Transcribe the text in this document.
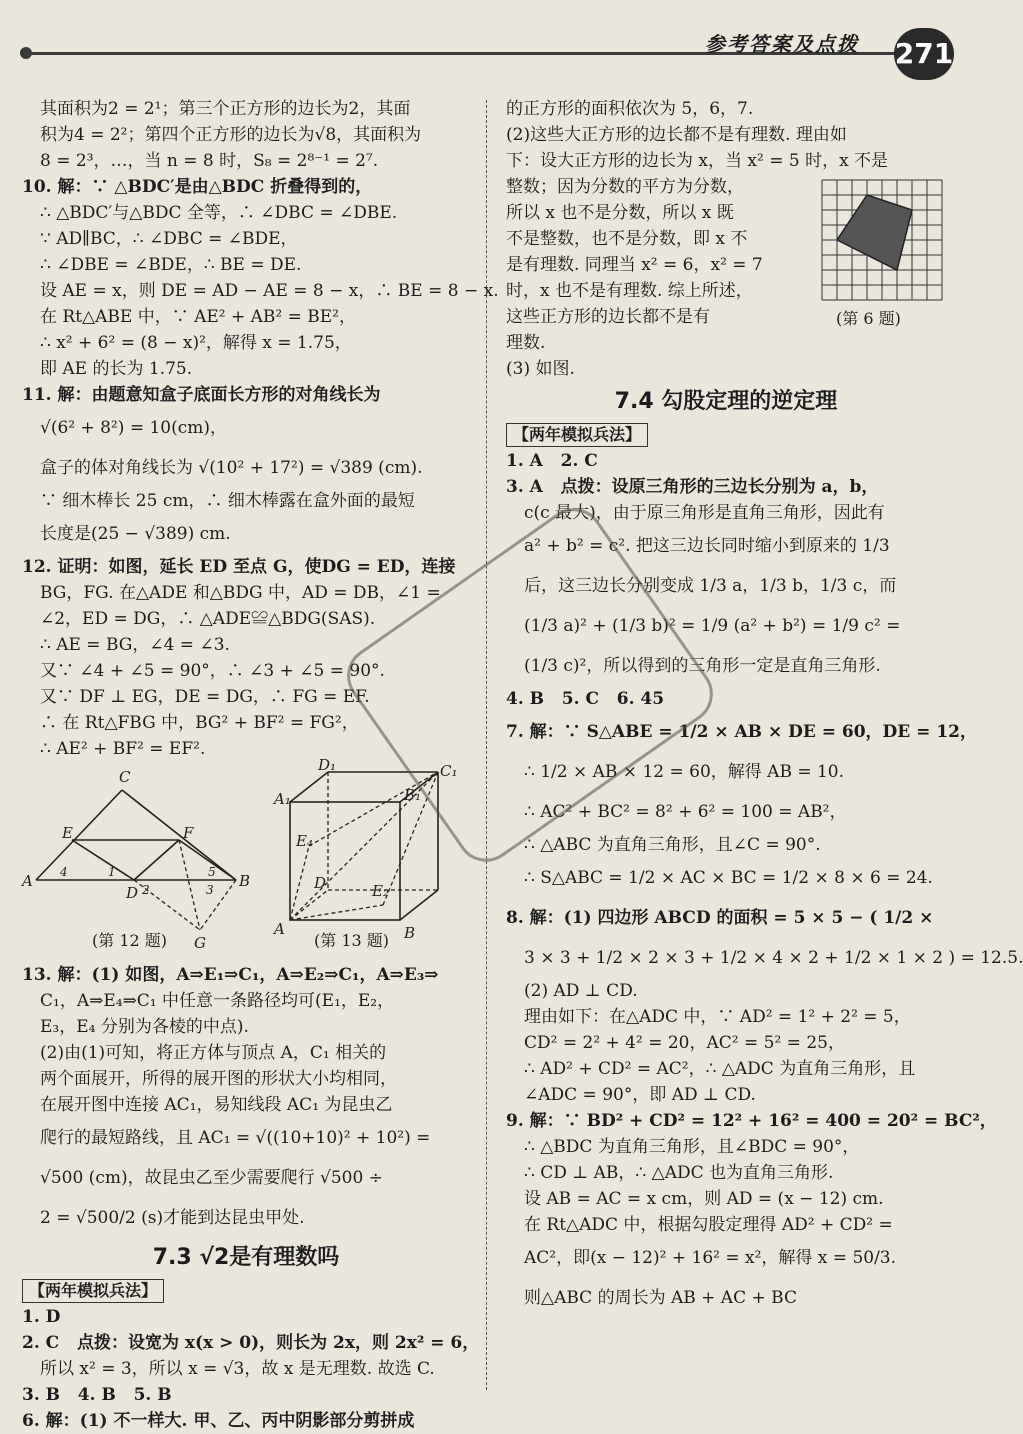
参考答案及点拨 271
其面积为2 = 2¹；第三个正方形的边长为2，其面
积为4 = 2²；第四个正方形的边长为√8，其面积为
8 = 2³，…，当 n = 8 时，S₈ = 2⁸⁻¹ = 2⁷.
10. 解：∵ △BDC′是由△BDC 折叠得到的，
∴ △BDC′与△BDC 全等，∴ ∠DBC = ∠DBE.
∵ AD∥BC，∴ ∠DBC = ∠BDE，
∴ ∠DBE = ∠BDE，∴ BE = DE.
设 AE = x，则 DE = AD − AE = 8 − x，∴ BE = 8 − x.
在 Rt△ABE 中，∵ AE² + AB² = BE²，
∴ x² + 6² = (8 − x)²，解得 x = 1.75，
即 AE 的长为 1.75.
11. 解：由题意知盒子底面长方形的对角线长为
√(6² + 8²) = 10(cm)，
盒子的体对角线长为 √(10² + 17²) = √389 (cm).
∵ 细木棒长 25 cm，∴ 细木棒露在盒外面的最短
长度是(25 − √389) cm.
12. 证明：如图，延长 ED 至点 G，使DG = ED，连接
BG，FG. 在△ADE 和△BDG 中，AD = DB，∠1 =
∠2，ED = DG，∴ △ADE≌△BDG(SAS).
∴ AE = BG，∠4 = ∠3.
又∵ ∠4 + ∠5 = 90°，∴ ∠3 + ∠5 = 90°.
又∵ DF ⊥ EG，DE = DG，∴ FG = EF.
∴ 在 Rt△FBG 中，BG² + BF² = FG²，
∴ AE² + BF² = EF².
A
C
E	F
D
B
G
4	1
2
5
3
D₁	C₁
A₁	B₁
E₄
D	E₂
A	B
(第 12 题)	(第 13 题)
13. 解：(1) 如图，A⇒E₁⇒C₁，A⇒E₂⇒C₁，A⇒E₃⇒
C₁，A⇒E₄⇒C₁ 中任意一条路径均可(E₁，E₂，
E₃，E₄ 分别为各棱的中点).
(2)由(1)可知，将正方体与顶点 A，C₁ 相关的
两个面展开，所得的展开图的形状大小均相同，
在展开图中连接 AC₁，易知线段 AC₁ 为昆虫乙
爬行的最短路线，且 AC₁ = √((10+10)² + 10²) =
√500 (cm)，故昆虫乙至少需要爬行 √500 ÷
2 = √500/2 (s)才能到达昆虫甲处.
7.3 √2是有理数吗
【两年模拟兵法】
1. D
2. C   点拨：设宽为 x(x > 0)，则长为 2x，则 2x² = 6，
所以 x² = 3，所以 x = √3，故 x 是无理数. 故选 C.
3. B   4. B   5. B
6. 解：(1) 不一样大. 甲、乙、丙中阴影部分剪拼成
的正方形的面积依次为 5，6，7.
(2)这些大正方形的边长都不是有理数. 理由如
下：设大正方形的边长为 x，当 x² = 5 时，x 不是
整数；因为分数的平方为分数，
所以 x 也不是分数，所以 x 既
不是整数，也不是分数，即 x 不
是有理数. 同理当 x² = 6，x² = 7
时，x 也不是有理数. 综上所述，
这些正方形的边长都不是有
理数.
(3) 如图.
(第 6 题)
7.4 勾股定理的逆定理
【两年模拟兵法】
1. A   2. C
3. A   点拨：设原三角形的三边长分别为 a，b，
c(c 最大)，由于原三角形是直角三角形，因此有
a² + b² = c². 把这三边长同时缩小到原来的 1/3
后，这三边长分别变成 1/3 a，1/3 b，1/3 c，而
(1/3 a)² + (1/3 b)² = 1/9 (a² + b²) = 1/9 c² =
(1/3 c)²，所以得到的三角形一定是直角三角形.
4. B   5. C   6. 45
7. 解：∵ S△ABE = 1/2 × AB × DE = 60，DE = 12，
∴ 1/2 × AB × 12 = 60，解得 AB = 10.
∴ AC² + BC² = 8² + 6² = 100 = AB²，
∴ △ABC 为直角三角形，且∠C = 90°.
∴ S△ABC = 1/2 × AC × BC = 1/2 × 8 × 6 = 24.
8. 解：(1) 四边形 ABCD 的面积 = 5 × 5 − ( 1/2 ×
3 × 3 + 1/2 × 2 × 3 + 1/2 × 4 × 2 + 1/2 × 1 × 2 ) = 12.5.
(2) AD ⊥ CD.
理由如下：在△ADC 中，∵ AD² = 1² + 2² = 5，
CD² = 2² + 4² = 20，AC² = 5² = 25，
∴ AD² + CD² = AC²，∴ △ADC 为直角三角形，且
∠ADC = 90°，即 AD ⊥ CD.
9. 解：∵ BD² + CD² = 12² + 16² = 400 = 20² = BC²，
∴ △BDC 为直角三角形，且∠BDC = 90°，
∴ CD ⊥ AB，∴ △ADC 也为直角三角形.
设 AB = AC = x cm，则 AD = (x − 12) cm.
在 Rt△ADC 中，根据勾股定理得 AD² + CD² =
AC²，即(x − 12)² + 16² = x²，解得 x = 50/3.
则△ABC 的周长为 AB + AC + BC
